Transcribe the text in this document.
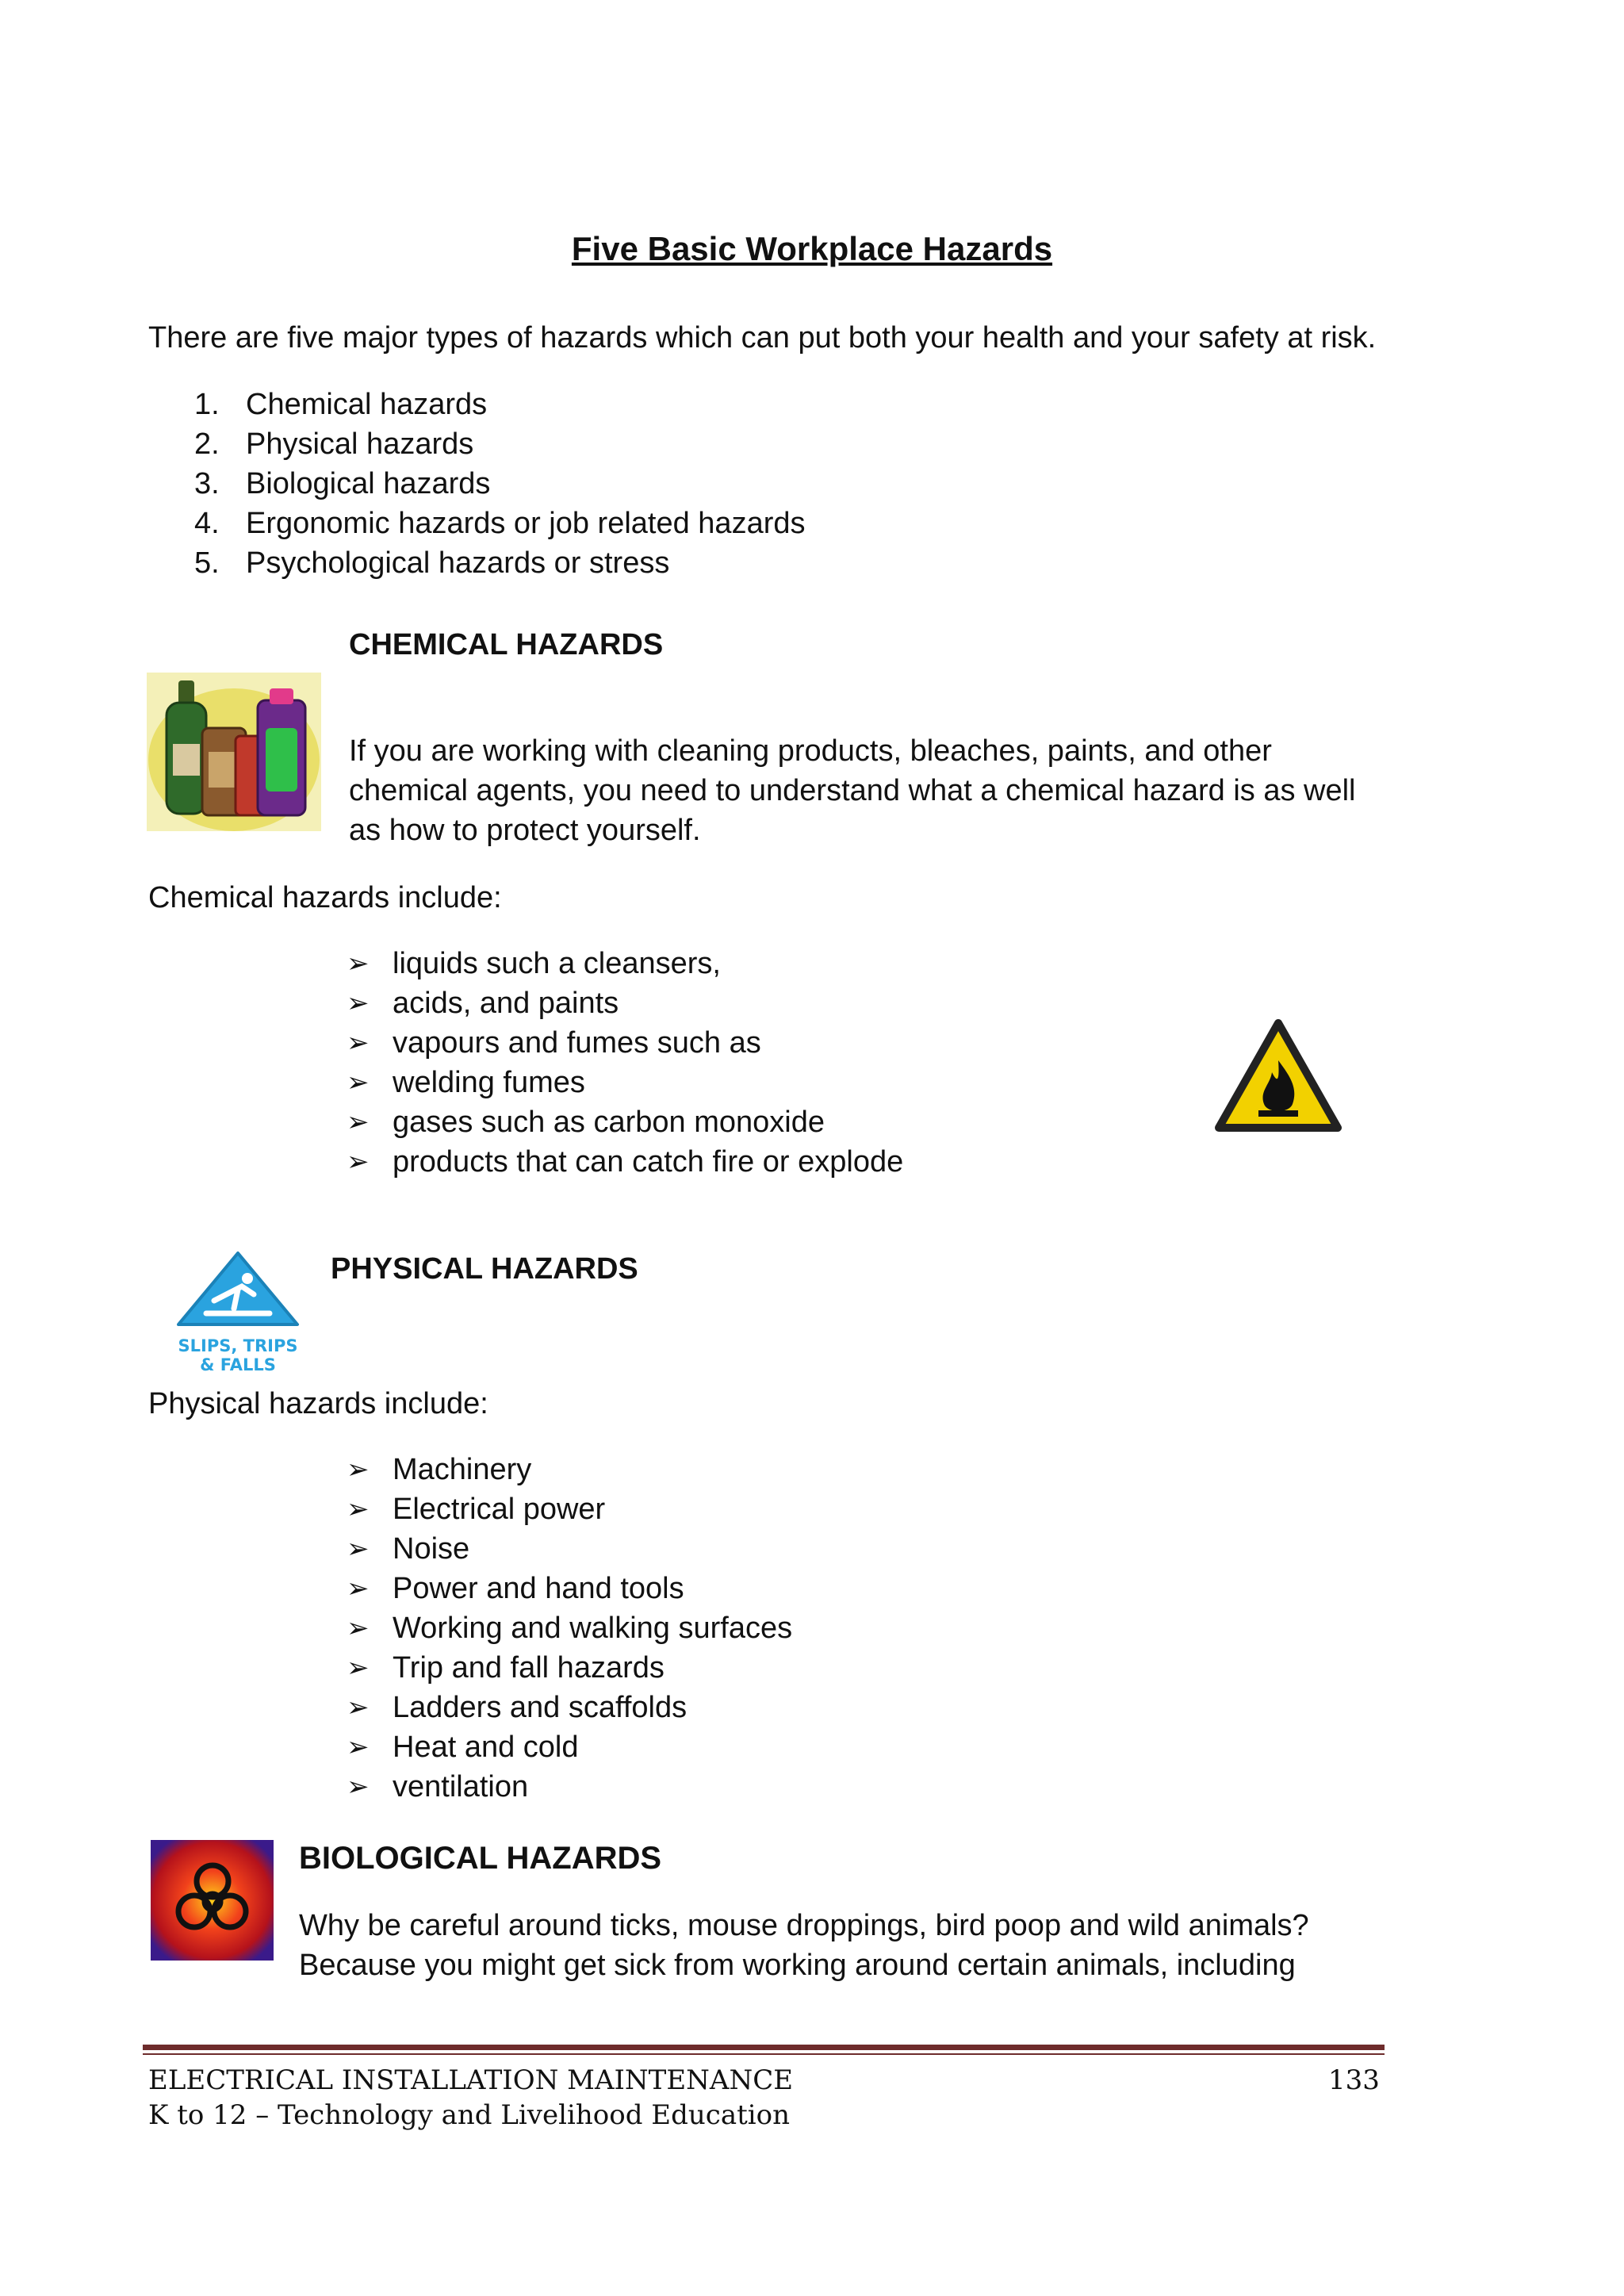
Five Basic Workplace Hazards
There are five major types of hazards which can put both your health and your safety at risk.
1. Chemical hazards
2. Physical hazards
3. Biological hazards
4. Ergonomic hazards or job related hazards
5. Psychological hazards or stress
CHEMICAL HAZARDS
If you are working with cleaning products, bleaches, paints, and other
chemical agents, you need to understand what a chemical hazard is as well
as how to protect yourself.
Chemical hazards include:
➢ liquids such a cleansers,
➢ acids, and paints
➢ vapours and fumes such as
➢ welding fumes
➢ gases such as carbon monoxide
➢ products that can catch fire or explode
SLIPS, TRIPS
& FALLS
PHYSICAL HAZARDS
Physical hazards include:
➢ Machinery
➢ Electrical power
➢ Noise
➢ Power and hand tools
➢ Working and walking surfaces
➢ Trip and fall hazards
➢ Ladders and scaffolds
➢ Heat and cold
➢ ventilation
BIOLOGICAL HAZARDS
Why be careful around ticks, mouse droppings, bird poop and wild animals?
Because you might get sick from working around certain animals, including
ELECTRICAL INSTALLATION MAINTENANCE
K to 12 – Technology and Livelihood Education
133
